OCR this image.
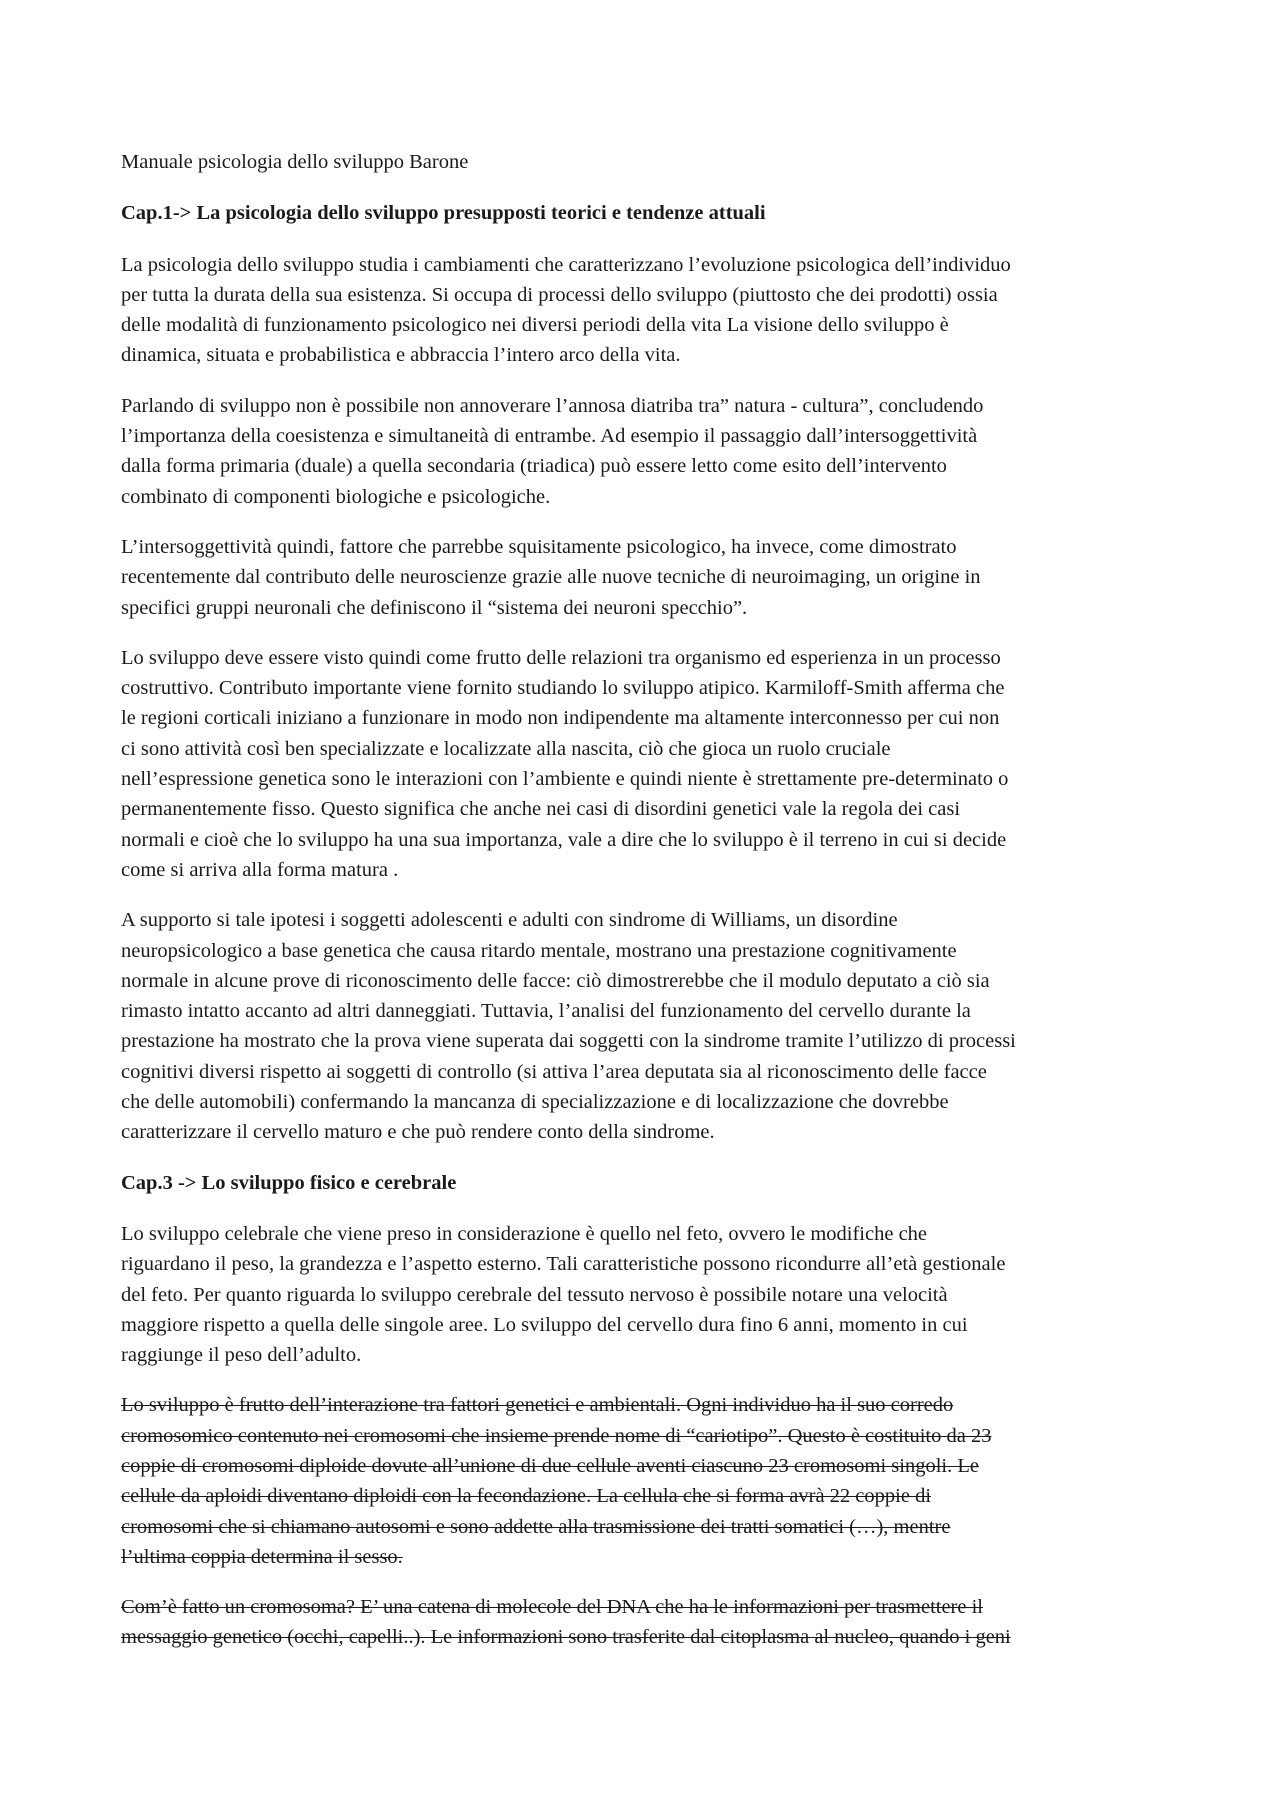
Manuale psicologia dello sviluppo Barone

Cap.1-> La psicologia dello sviluppo presupposti teorici e tendenze attuali

La psicologia dello sviluppo studia i cambiamenti che caratterizzano l’evoluzione psicologica dell’individuo
per tutta la durata della sua esistenza. Si occupa di processi dello sviluppo (piuttosto che dei prodotti) ossia
delle modalità di funzionamento psicologico nei diversi periodi della vita La visione dello sviluppo è
dinamica, situata e probabilistica e abbraccia l’intero arco della vita.

Parlando di sviluppo non è possibile non annoverare l’annosa diatriba tra” natura - cultura”, concludendo
l’importanza della coesistenza e simultaneità di entrambe. Ad esempio il passaggio dall’intersoggettività
dalla forma primaria (duale) a quella secondaria (triadica) può essere letto come esito dell’intervento
combinato di componenti biologiche e psicologiche.

L’intersoggettività quindi, fattore che parrebbe squisitamente psicologico, ha invece, come dimostrato
recentemente dal contributo delle neuroscienze grazie alle nuove tecniche di neuroimaging, un origine in
specifici gruppi neuronali che definiscono il “sistema dei neuroni specchio”.

Lo sviluppo deve essere visto quindi come frutto delle relazioni tra organismo ed esperienza in un processo
costruttivo. Contributo importante viene fornito studiando lo sviluppo atipico. Karmiloff-Smith afferma che
le regioni corticali iniziano a funzionare in modo non indipendente ma altamente interconnesso per cui non
ci sono attività così ben specializzate e localizzate alla nascita, ciò che gioca un ruolo cruciale
nell’espressione genetica sono le interazioni con l’ambiente e quindi niente è strettamente pre-determinato o
permanentemente fisso. Questo significa che anche nei casi di disordini genetici vale la regola dei casi
normali e cioè che lo sviluppo ha una sua importanza, vale a dire che lo sviluppo è il terreno in cui si decide
come si arriva alla forma matura .

A supporto si tale ipotesi i soggetti adolescenti e adulti con sindrome di Williams, un disordine
neuropsicologico a base genetica che causa ritardo mentale, mostrano una prestazione cognitivamente
normale in alcune prove di riconoscimento delle facce: ciò dimostrerebbe che il modulo deputato a ciò sia
rimasto intatto accanto ad altri danneggiati. Tuttavia, l’analisi del funzionamento del cervello durante la
prestazione ha mostrato che la prova viene superata dai soggetti con la sindrome tramite l’utilizzo di processi
cognitivi diversi rispetto ai soggetti di controllo (si attiva l’area deputata sia al riconoscimento delle facce
che delle automobili) confermando la mancanza di specializzazione e di localizzazione che dovrebbe
caratterizzare il cervello maturo e che può rendere conto della sindrome.

Cap.3 -> Lo sviluppo fisico e cerebrale

Lo sviluppo celebrale che viene preso in considerazione è quello nel feto, ovvero le modifiche che
riguardano il peso, la grandezza e l’aspetto esterno. Tali caratteristiche possono ricondurre all’età gestionale
del feto. Per quanto riguarda lo sviluppo cerebrale del tessuto nervoso è possibile notare una velocità
maggiore rispetto a quella delle singole aree. Lo sviluppo del cervello dura fino 6 anni, momento in cui
raggiunge il peso dell’adulto.

Lo sviluppo è frutto dell’interazione tra fattori genetici e ambientali. Ogni individuo ha il suo corredo
cromosomico contenuto nei cromosomi che insieme prende nome di “cariotipo”. Questo è costituito da 23
coppie di cromosomi diploide dovute all’unione di due cellule aventi ciascuno 23 cromosomi singoli. Le
cellule da aploidi diventano diploidi con la fecondazione. La cellula che si forma avrà 22 coppie di
cromosomi che si chiamano autosomi e sono addette alla trasmissione dei tratti somatici (…), mentre
l’ultima coppia determina il sesso.

Com’è fatto un cromosoma? E’ una catena di molecole del DNA che ha le informazioni per trasmettere il
messaggio genetico (occhi, capelli..). Le informazioni sono trasferite dal citoplasma al nucleo, quando i geni
